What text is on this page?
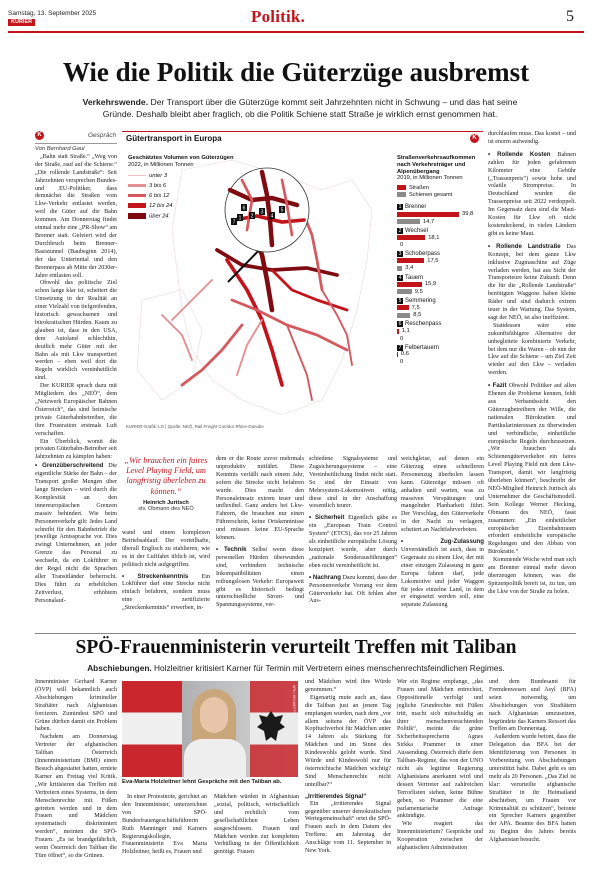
Samstag, 13. September 2025
KURIER	Politik.	5
Wie die Politik die Güterzüge ausbremst
Verkehrswende. Der Transport über die Güterzüge kommt seit Jahrzehnten nicht in Schwung – und das hat seine Gründe. Deshalb bleibt aber fraglich, ob die Politik Schiene statt Straße je wirklich ernst genommen hat.
K	Gespräch

Von Bernhard Gaul

„Bahn statt Straße.“ „Weg von der Straße, rauf auf die Schiene.“ „Die rollende Landstraße“: Seit Jahrzehnten versprechen Bundes- und EU-Politiker, dass demnächst die Straßen vom Lkw-Verkehr entlastet werden, weil die Güter auf die Bahn kommen. Am Donnerstag findet einmal mehr eine „PR-Show“ am Brenner statt. Gefeiert wird der Durchbruch beim Brenner-Basistunnel (Baubeginn 2014), der das Unterinntal und den Brennerpass ab Mitte der 2030er-Jahre entlasten soll.

Obwohl das politische Ziel schon lange klar ist, scheitert die Umsetzung in der Realität an einer Vielzahl von tiefgreifenden, historisch gewachsenen und bürokratischen Hürden. Kaum zu glauben ist, dass in den USA, dem Autoland schlechthin, deutlich mehr Güter mit der Bahn als mit Lkw transportiert werden – eben weil dort die Regeln wirklich vereinheitlicht sind.

Der KURIER sprach dazu mit Mitgliedern des „NEÖ“, dem „Netzwerk Europäischer Bahnen Österreich“, das sind heimische private Güterbahnbetreiber, die ihre Frustration erstmals Luft verschaffen.

Ein Überblick, womit die privaten Güterbahn-Betreiber seit Jahrzehnten zu kämpfen haben:

• Grenzüberschreitend Die eigentliche Stärke der Bahn – der Transport großer Mengen über lange Strecken – wird durch die Komplexität an den innereuropäischen Grenzen massiv behindert. Wie beim Personenverkehr gilt: Jedes Land schreibt für den Bahnbetrieb die jeweilige Amtssprache vor. Dies zwingt Unternehmen, an jeder Grenze das Personal zu wechseln, da ein Lokführer in der Regel nicht die Sprachen aller Transitländer beherrscht. Dies führt zu erheblichen Zeitverlust, erhöhtem Personalauf-

Gütertransport in Europa	K
Geschätztes Volumen von Güterzügen
2022, in Millionen Tonnen
unter 3
3 bis 6
6 bis 12
12 bis 24
über 24	1 2
3
4
5
6
7
KURIER-Grafik: LG | Quelle: NEÖ, Rail Freight Corridor Rhine-Danube
Straßenverkehrsaufkommen nach Verkehrsträger und Alpenübergang
2019, in Millionen Tonnen
Straßen
Schienen gesamt
1 Brenner
39,8
14,7
2 Wechsel
18,1
0
3 Schoberpass
17,5
3,4
4 Tauern
15,9
9,5
5 Semmering
7,5
8,5
6 Reschenpass
1,1
0
7 Felbertauern
0,6
0
„Wir brauchen ein faires Level Playing Field, um langfristig überleben zu können.“
Heinrich Juritsch
stv. Obmann des NEÖ

wand und einem komplexen Betriebsablauf. Der vorteilhafte, überall Englisch zu etablieren, wie es in der Luftfahrt üblich ist, wird politisch nicht aufgegriffen.

• Streckenkenntnis Ein Lokführer darf eine Strecke nicht einfach befahren, sondern muss eine zertifizierte „Streckenkenntnis“ erwerben, in-

dem er die Route zuvor mehrmals unproduktiv mitfährt. Diese Kenntnis verfällt nach einem Jahr, sofern die Strecke nicht befahren wurde. Dies macht den Personaleinsatz extrem teuer und unflexibel. Ganz anders bei Lkw-Fahrern, die brauchen nur einen Führerschein, keine Ortskenntnisse und müssen keine EU-Sprache können.

• Technik Selbst wenn diese personellen Hürden überwunden sind, verhindern technische Inkompatibilitäten einen reibungslosen Verkehr: Europaweit gibt es historisch bedingt unterschiedliche Strom- und Spannungssysteme, ver-

schiedene Signalsysteme und Zugsicherungssysteme – eine Vereinheitlichung findet nicht statt. So sind der Einsatz von Mehrsystem-Lokomotiven nötig, diese sind in der Anschaffung wesentlich teurer.

• Sicherheit Eigentlich gäbe es ein „European Train Control System“ (ETCS), das vor 25 Jahren als einheitliche europäische Lösung konzipiert wurde, aber durch „nationale Sonderausführungen“ eben nicht vereinheitlicht ist.

• Nachrang Dazu kommt, dass der Personenverkehr Vorrang vor dem Güterverkehr hat. Oft fehlen aber Aus-

weichgleise, auf denen ein Güterzug einen schnelleren Personenzug überholen lassen kann. Güterzüge müssen oft anhalten und warten, was zu massiven Verspätungen und mangelnder Planbarkeit führt. Der Vorschlag, den Güterverkehr in der Nacht zu verlagern, scheitert an Nachtfahrverboten.

• Zug-Zulassung Unverständlich ist auch, dass in Gegensatz zu einem Lkw, der mit einer einzigen Zulassung in ganz Europa fahren darf, jede Lokomotive und jeder Waggon für jedes einzelne Land, in dem er eingesetzt werden soll, eine separate Zulassung

durchlaufen muss. Das kostet – und ist enorm aufwendig.

• Rollende Kosten Bahnen zahlen für jeden gefahrenen Kilometer eine Gebühr („Trassenpreis“) sowie hohe und volatile Strompreise. In Deutschland wurden die Trassenpreise seit 2022 verdoppelt. Im Gegensatz dazu sind die Maut-Kosten für Lkw oft nicht kostendeckend, in vielen Ländern gibt es keine Maut.

• Rollende Landstraße Das Konzept, bei dem ganze Lkw inklusive Zugmaschine auf Züge verladen werden, hat aus Sicht der Transporteure keine Zukunft. Denn die für die „Rollende Landstraße“ benötigten Waggons haben kleine Räder und sind dadurch extrem teuer in der Wartung. Das System, sagt der NEÖ, ist also ineffizient.

Stattdessen wäre eine zukunftsfähigere Alternative der unbegleitete kombinierte Verkehr, bei dem nur die Waren – ob nun der Lkw auf die Schiene – um Ziel Zeit wieder auf den Lkw – verladen werden.

• Fazit Obwohl Politiker auf allen Ebenen die Probleme kennen, fehlt aus Verbandssicht den Güterzugbetreibern der Wille, die nationalen Bürokratien und Partikularinteressen zu überwinden und verbindliche, einheitliche europäische Regeln durchzusetzen. „Wir brauchen als Schienengüterverkehre ein faires Level Playing Field mit dem Lkw-Transport, damit wir langfristig überleben können“, beschreibt der NEÖ-Mitglied Heinrich Juritsch als Unternehmer die Geschäftsmodell. Sein Kollege Werner Hecking, Obmann des NEÖ, fasst zusammen: „Ein einheitlicher europäischer Eisenbahnraum erfordert einheitliche europäische Regelungen und den Abbau von Bürokratie.“

Kommende Woche wird man sich am Brenner einmal mehr davon überzeugen können, was die Spitzenpolitik bereit ist, zu tun, um die Lkw von der Straße zu holen.

SPÖ-Frauenministerin verurteilt Treffen mit Taliban
Abschiebungen. Holzleitner kritisiert Karner für Termin mit Vertretern eines menschenrechtsfeindlichen Regimes.

Innenminister Gerhard Karner (ÖVP) will bekanntlich auch Abschiebungen krimineller Straftäter nach Afghanistan forcieren. Zumindest SPÖ und Grüne dürften damit ein Problem haben.

Nachdem am Donnerstag Vertreter der afghanischen Taliban Österreich (Innenministerium (BMI) einen Besuch abgestattet hatten, erntete Karner am Freitag viel Kritik. „Wir kritisieren das Treffen mit Vertretern eines Systems, in dem Menschenrechte mit Füßen getreten werden und in dem Frauen und Mädchen systematisch diskriminiert werden“, meinten die SPÖ-Frauen. „Es ist brandgefährlich, wenn Österreich den Taliban die Türe öffnet“, so die Grünen.

APA / HELMUT FOHRINGER
Eva-Maria Holzleitner lehnt Gespräche mit den Taliban ab.

In einer Protestnote, gerichtet an den Innenminister, unterzeichnet von SPÖ-Bundesfrauengeschäftsführerin Ruth Manninger und Karners Regierungskollegin, Frauenministerin Eva Maria Holzleitner, heißt es, Frauen und

Mädchen würden in Afghanistan „sozial, politisch, wirtschaftlich und rechtlich vom gesellschaftlichen Leben ausgeschlossen. Frauen und Mädchen werden zur kompletten Verhüllung in der Öffentlichkeit genötigt. Frauen

und Mädchen wird ihre Würde genommen.“

Eigenartig mute auch an, dass die Taliban just an jenem Tag empfangen wurden, nach dem „vor allem seitens der ÖVP das Kopftuchverbot für Mädchen unter 14 Jahren als Stärkung für Mädchen und im Sinne des Kindeswohls gelobt wurde. Sind Würde und Kindeswohl nur für österreichische Mädchen wichtig? Sind Menschenrechte nicht unteilbar?“

„Irritierendes Signal“

Ein „irritierendes Signal gegenüber unserer demokratischen Wertegemeinschaft“ ortet die SPÖ-Frauen auch in dem Datum des Treffens: am Jahrestag der Anschläge vom 11. September in New York.

Wer ein Regime empfange, „das Frauen und Mädchen entrechtet, Oppositionelle verfolgt und jegliche Grundrechte mit Füßen tritt, macht sich mitschuldig an ihrer menschenverachtenden Politik“, meinte die grüne Sicherheitssprecherin Agnes Sirkka Prammer in einer Aussendung. Österreich dürfe dem Taliban-Regime, das von der UNO nicht als legitime Regierung Afghanistans anerkannt wird und dessen Vertreter auf zahlreichen Terrorlisten stehen, keine Bühne geben, so Prammer die eine parlamentarische Anfrage ankündigte.

Wie reagiert das Innenministerium? Gespräche und Kooperation zwischen der afghanischen Administration

und dem Bundesamt für Fremdenwesen und Asyl (BFA) seien notwendig, um Abschiebungen von Straftätern nach Afghanistan umzusetzen, begründete das Karners Ressort das Treffen am Donnerstag.

Außerdem wurde betont, dass die Delegation das BFA bei der Identifizierung von Personen in Vorbereitung von Abschiebungen unterstützt habe. Dabei geht es um mehr als 20 Personen. „Das Ziel ist klar: verurteilte afghanische Straftäter in ihr Heimatland abschieben, um Frauen vor Kriminalität zu schützen“, betonte ein Sprecher Karners gegenüber der APA. Beamte des BFA hatten zu Beginn des Jahres bereits Afghanistan besucht.
